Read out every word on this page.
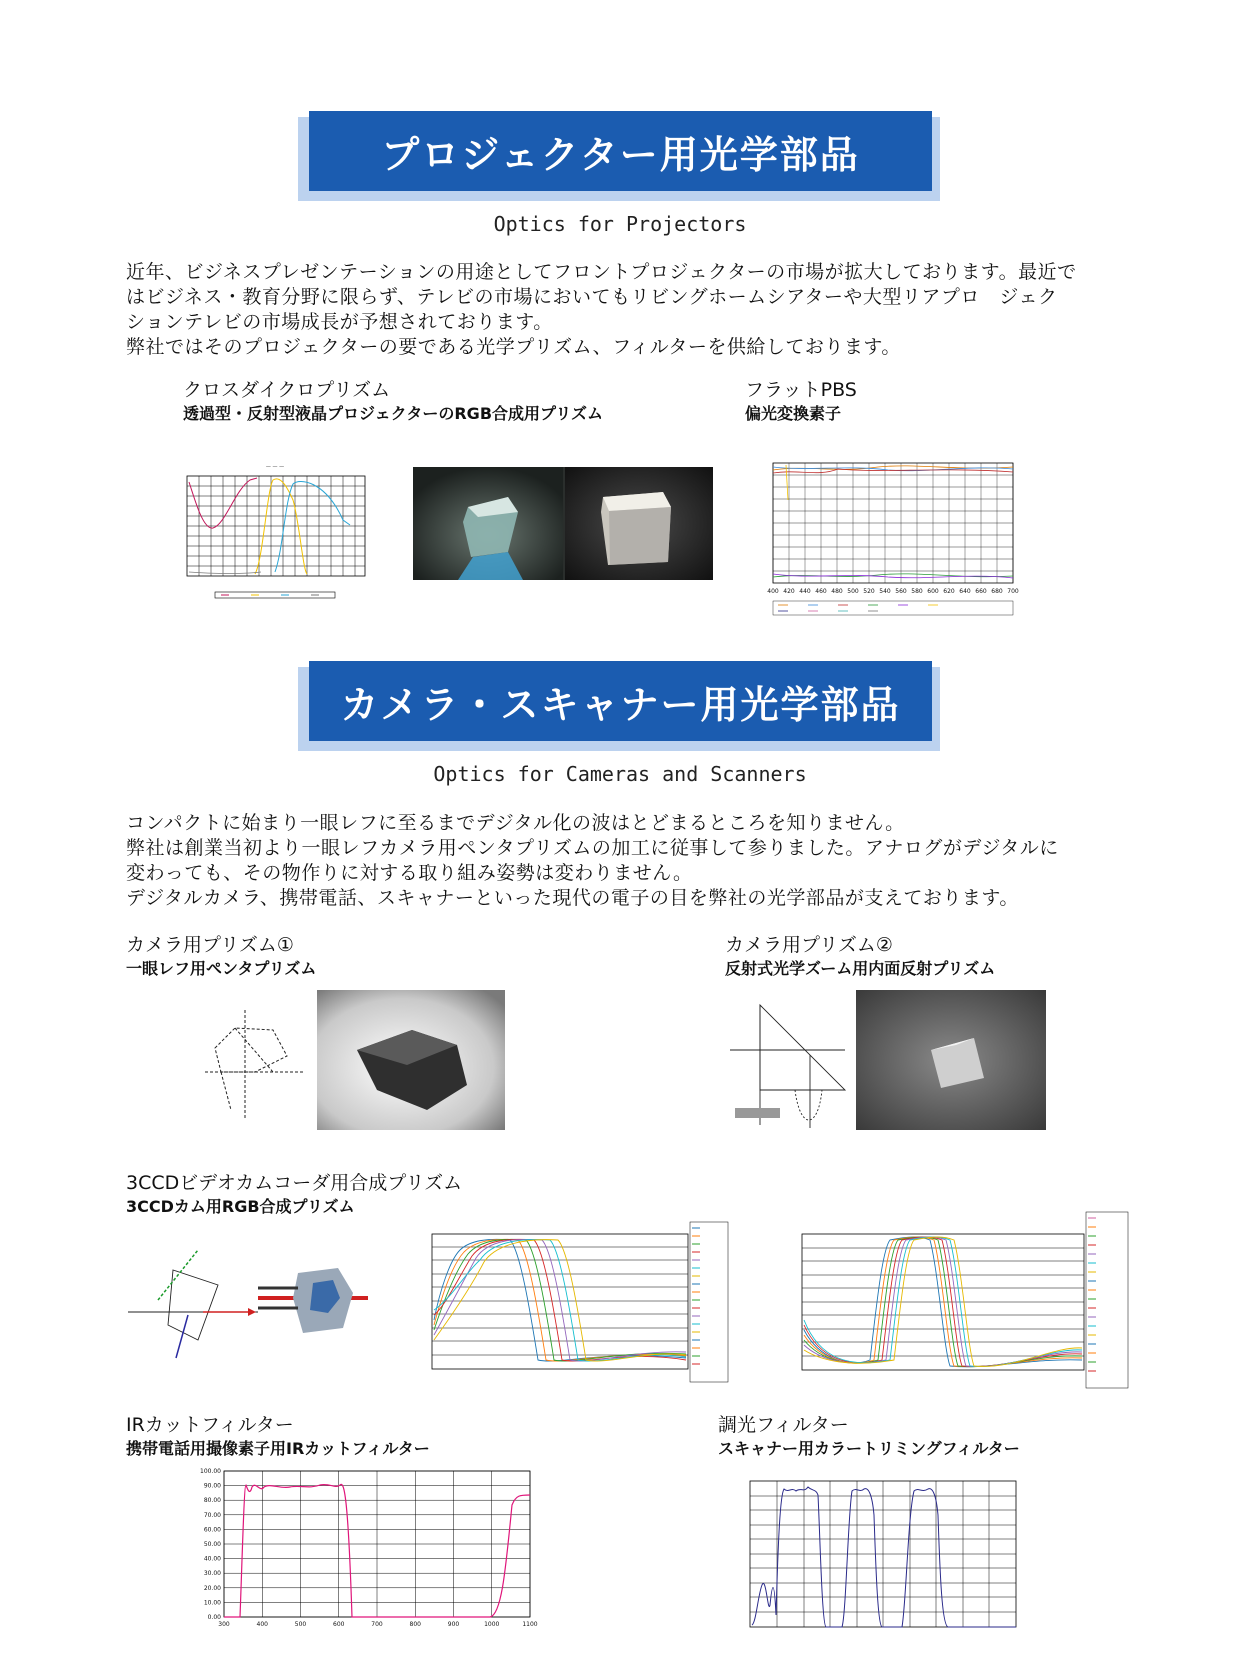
プロジェクター用光学部品
Optics for Projectors
近年、ビジネスプレゼンテーションの用途としてフロントプロジェクターの市場が拡大しております。最近で
はビジネス・教育分野に限らず、テレビの市場においてもリビングホームシアターや大型リアプロ　ジェク
ションテレビの市場成長が予想されております。
弊社ではそのプロジェクターの要である光学プリズム、フィルターを供給しております。
クロスダイクロプリズム
透過型・反射型液晶プロジェクターのRGB合成用プリズム
フラットPBS
偏光変換素子
— — —
400 420 440 460 480 500 520 540 560 580 600 620 640 660 680 700
カメラ・スキャナー用光学部品
Optics for Cameras and Scanners
コンパクトに始まり一眼レフに至るまでデジタル化の波はとどまるところを知りません。
弊社は創業当初より一眼レフカメラ用ペンタプリズムの加工に従事して参りました。アナログがデジタルに
変わっても、その物作りに対する取り組み姿勢は変わりません。
デジタルカメラ、携帯電話、スキャナーといった現代の電子の目を弊社の光学部品が支えております。
カメラ用プリズム①
一眼レフ用ペンタプリズム
カメラ用プリズム②
反射式光学ズーム用内面反射プリズム
3CCDビデオカムコーダ用合成プリズム
3CCDカム用RGB合成プリズム
IRカットフィルター
携帯電話用撮像素子用IRカットフィルター
調光フィルター
スキャナー用カラートリミングフィルター
100.00
90.00
80.00
70.00
60.00
50.00
40.00
30.00
20.00
10.00
0.00
300	400	500	600	700	800	900	1000	1100
